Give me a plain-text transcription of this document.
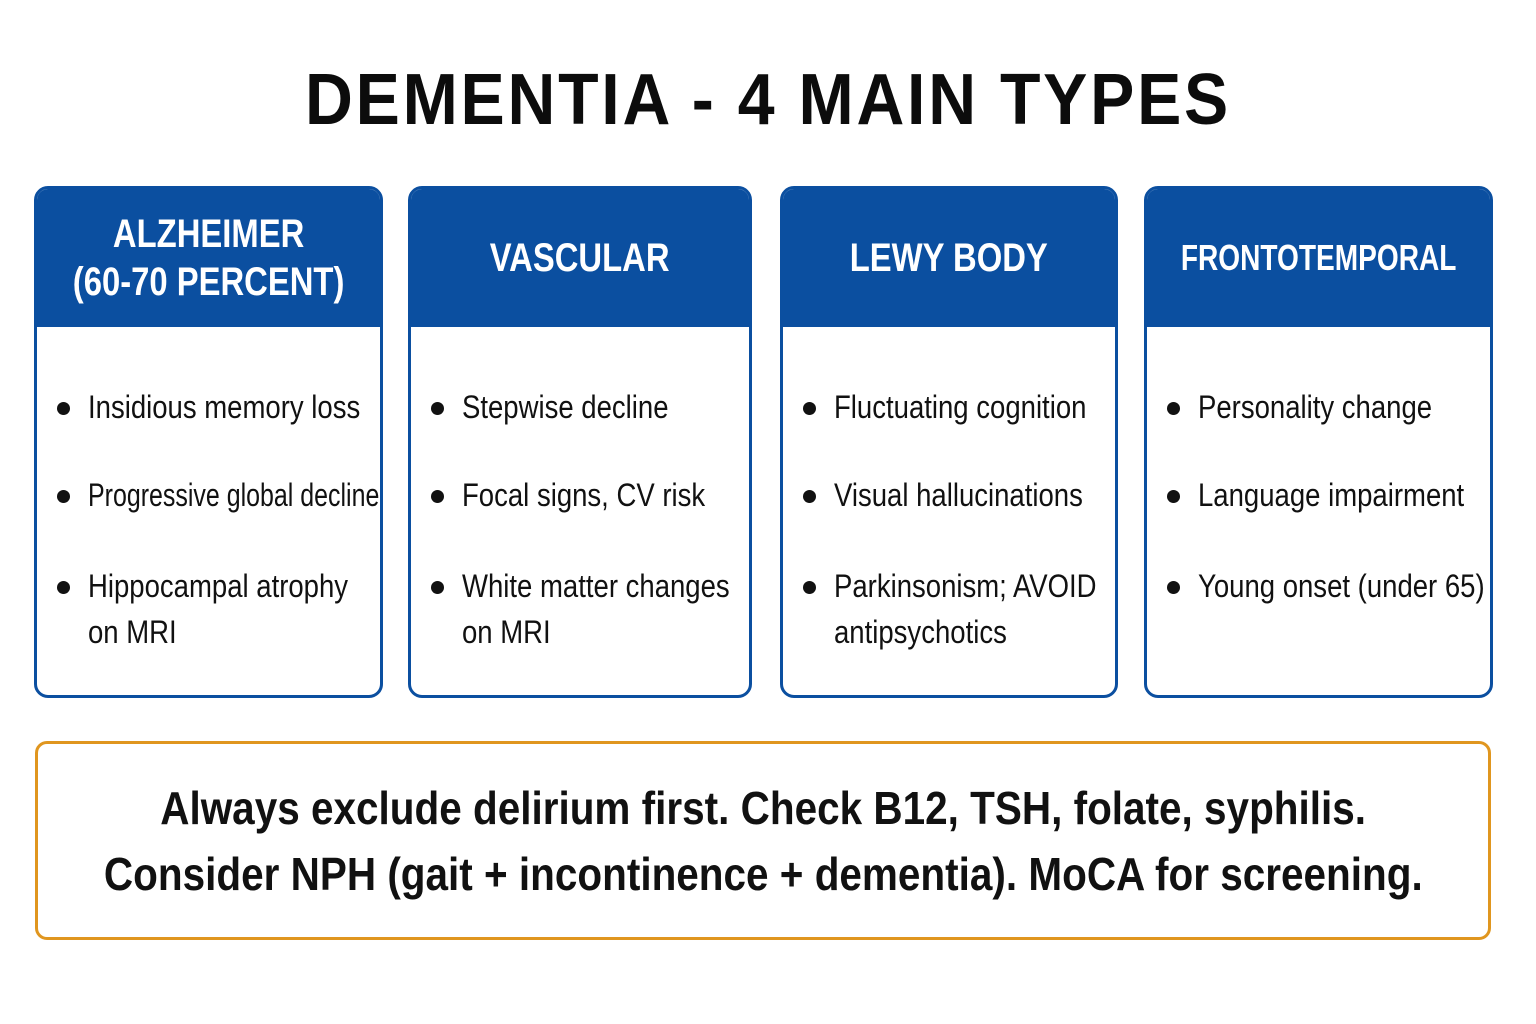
DEMENTIA - 4 MAIN TYPES
ALZHEIMER
(60-70 PERCENT)
Insidious memory loss
Progressive global decline
Hippocampal atrophy
on MRI
VASCULAR
Stepwise decline
Focal signs, CV risk
White matter changes
on MRI
LEWY BODY
Fluctuating cognition
Visual hallucinations
Parkinsonism; AVOID
antipsychotics
FRONTOTEMPORAL
Personality change
Language impairment
Young onset (under 65)
Always exclude delirium first. Check B12, TSH, folate, syphilis.
Consider NPH (gait + incontinence + dementia). MoCA for screening.
